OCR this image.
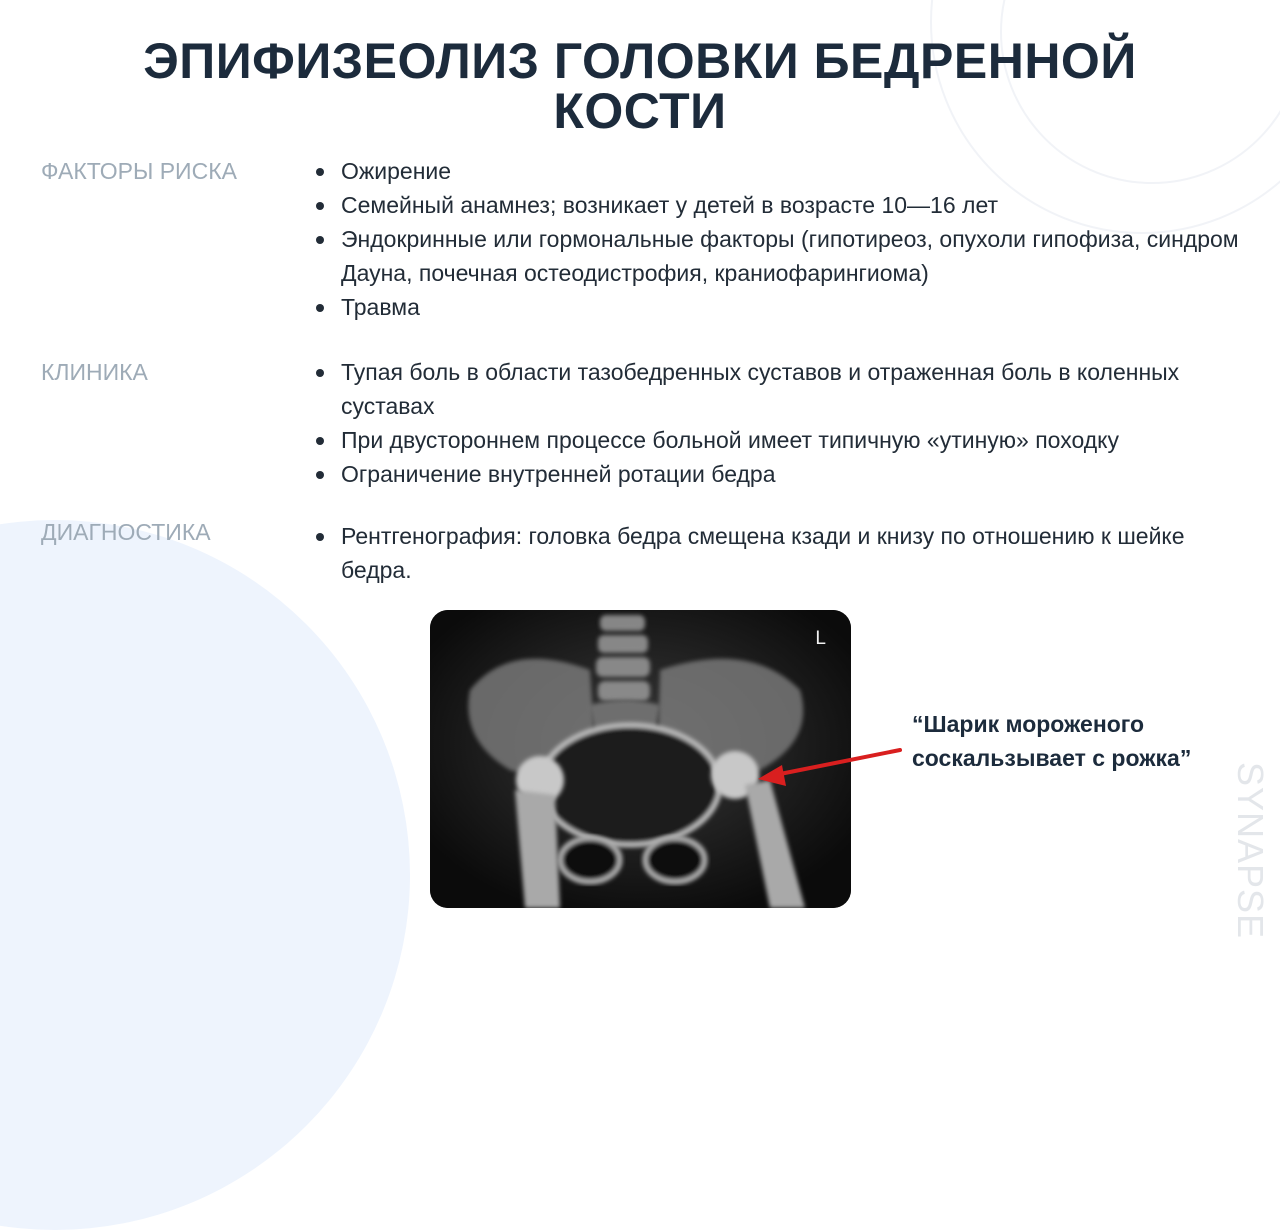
ЭПИФИЗЕОЛИЗ ГОЛОВКИ БЕДРЕННОЙ
КОСТИ
ФАКТОРЫ РИСКА	Ожирение
Семейный анамнез; возникает у детей в возрасте 10—16 лет
Эндокринные или гормональные факторы (гипотиреоз, опухоли гипофиза, синдром Дауна, почечная остеодистрофия, краниофарингиома)
Травма
КЛИНИКА	Тупая боль в области тазобедренных суставов и отраженная боль в коленных суставах
При двустороннем процессе больной имеет типичную «утиную» походку
Ограничение внутренней ротации бедра
ДИАГНОСТИКА	Рентгенография: головка бедра смещена кзади и книзу по отношению к шейке бедра.
L
“Шарик мороженого
соскальзывает с рожка”
SYNAPSE
